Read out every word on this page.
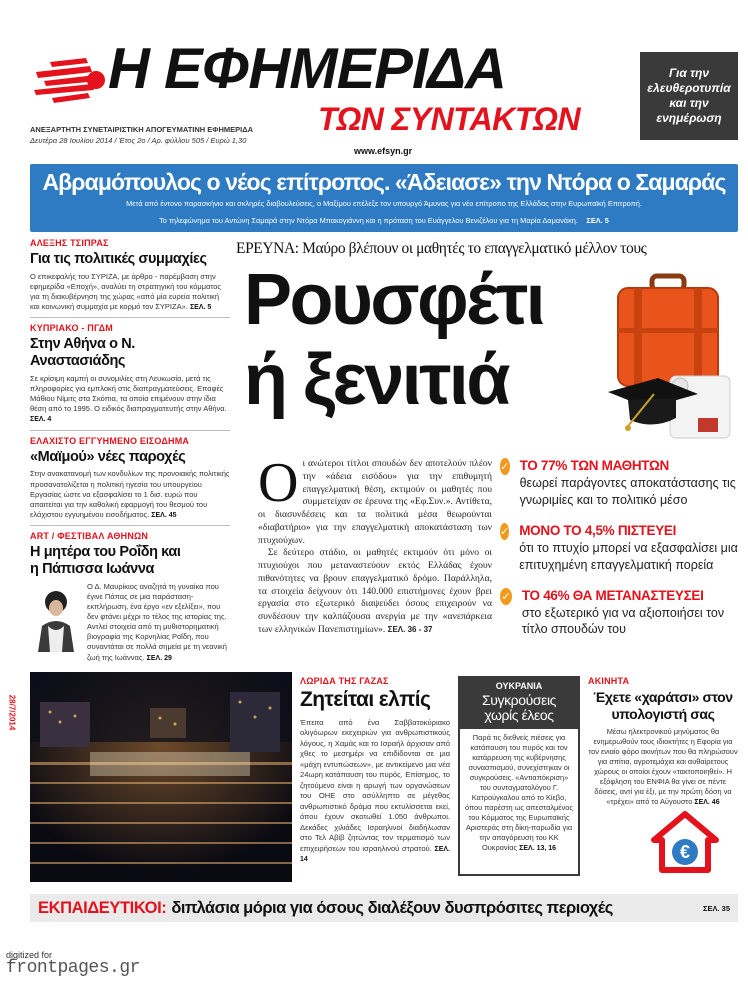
Η ΕΦΗΜΕΡΙΔΑ
ΤΩΝ ΣΥΝΤΑΚΤΩΝ
ΑΝΕΞΑΡΤΗΤΗ ΣΥΝΕΤΑΙΡΙΣΤΙΚΗ ΑΠΟΓΕΥΜΑΤΙΝΗ ΕΦΗΜΕΡΙΔΑ
Δευτέρα 28 Ιουλίου 2014 / Έτος 2ο / Αρ. φύλλου 505 / Ευρώ 1,30
www.efsyn.gr
Για την ελευθεροτυπία και την ενημέρωση
Αβραμόπουλος ο νέος επίτροπος. «Άδειασε» την Ντόρα ο Σαμαράς
Μετά από έντονο παρασκήνιο και σκληρές διαβουλεύσεις, ο Μαξίμου επέλεξε τον υπουργό Άμυνας για νέο επίτροπο της Ελλάδας στην Ευρωπαϊκή Επιτροπή.
Το τηλεφώνημα του Αντώνη Σαμαρά στην Ντόρα Μπακογιάννη και η πρόταση του Ευάγγελου Βενιζέλου για τη Μαρία Δαμανάκη. ΣΕΛ. 5
ΑΛΕΞΗΣ ΤΣΙΠΡΑΣ
Για τις πολιτικές συμμαχίες
Ο επικεφαλής του ΣΥΡΙΖΑ, με άρθρο - παρέμβαση στην εφημερίδα «Εποχή», αναλύει τη στρατηγική του κόμματος για τη διακυβέρνηση της χώρας «από μία ευρεία πολιτική και κοινωνική συμμαχία με κορμό τον ΣΥΡΙΖΑ». ΣΕΛ. 5
ΚΥΠΡΙΑΚΟ - ΠΓΔΜ
Στην Αθήνα ο Ν. Αναστασιάδης
Σε κρίσιμη καμπή οι συνομιλίες στη Λευκωσία, μετά τις πληροφορίες για εμπλοκή στις διαπραγματεύσεις. Επαφές Μάθιου Νίμιτς στα Σκόπια, τα οποία επιμένουν στην ίδια θέση από το 1995. Ο ειδικός διαπραγματευτής στην Αθήνα. ΣΕΛ. 4
ΕΛΑΧΙΣΤΟ ΕΓΓΥΗΜΕΝΟ ΕΙΣΟΔΗΜΑ
«Μαϊμού» νέες παροχές
Στην ανακατανομή των κονδυλίων της προνοιακής πολιτικής προσανατολίζεται η πολιτική ηγεσία του υπουργείου Εργασίας ώστε να εξασφαλίσει το 1 δισ. ευρώ που απαιτείται για την καθολική εφαρμογή του θεσμού του ελάχιστου εγγυημένου εισοδήματος. ΣΕΛ. 45
ART / ΦΕΣΤΙΒΑΛ ΑΘΗΝΩΝ
Η μητέρα του Ροΐδη και η Πάπισσα Ιωάννα
Ο Δ. Μαυρίκιος αναζητά τη γυναίκα που έγινε Πάπας σε μια παράσταση-εκπλήρωση, ένα έργο «εν εξελίξει», που δεν φτάνει μέχρι το τέλος της ιστορίας της. Αντλεί στοιχεία από τη μυθιστορηματική βιογραφία της Κορνηλίας Ροΐδη, που συναντάται σε πολλά σημεία με τη νεανική ζωή της Ιωάννας. ΣΕΛ. 29
ΕΡΕΥΝΑ: Μαύρο βλέπουν οι μαθητές το επαγγελματικό μέλλον τους
Ρουσφέτι
ή ξενιτιά
Ο ι ανώτεροι τίτλοι σπουδών δεν αποτελούν πλέον την «άδεια εισόδου» για την επιθυμητή επαγγελματική θέση, εκτιμούν οι μαθητές που συμμετείχαν σε έρευνα της «Εφ.Συν.». Αντίθετα, οι διασυνδέσεις και τα πολιτικά μέσα θεωρούνται «διαβατήριο» για την επαγγελματική αποκατάσταση των πτυχιούχων.
Σε δεύτερο στάδιο, οι μαθητές εκτιμούν ότι μόνο οι πτυχιούχοι που μεταναστεύουν εκτός Ελλάδας έχουν πιθανότητες να βρουν επαγγελματικό δρόμο. Παράλληλα, τα στοιχεία δείχνουν ότι 140.000 επιστήμονες έχουν βρει εργασία στο εξωτερικό διαψεύδει όσους επιχειρούν να συνδέσουν την καλπάζουσα ανεργία με την «ανεπάρκεια των ελληνικών Πανεπιστημίων». ΣΕΛ. 36 - 37
✓ ΤΟ 77% ΤΩΝ ΜΑΘΗΤΩΝ
θεωρεί παράγοντες αποκατάστασης τις γνωριμίες και το πολιτικό μέσο
✓ ΜΟΝΟ ΤΟ 4,5% ΠΙΣΤΕΥΕΙ
ότι το πτυχίο μπορεί να εξασφαλίσει μια επιτυχημένη επαγγελματική πορεία
✓ ΤΟ 46% ΘΑ ΜΕΤΑΝΑΣΤΕΥΣΕΙ
στο εξωτερικό για να αξιοποιήσει τον τίτλο σπουδών του
28/7/2014
ΛΩΡΙΔΑ ΤΗΣ ΓΑΖΑΣ
Ζητείται ελπίς
Έπειτα από ένα Σαββατοκύριακο ολιγόωρων εκεχειριών για ανθρωπιστικούς λόγους, η Χαμάς και το Ισραήλ άρχισαν από χθες το μεσημέρι να επιδίδονται σε μια «μάχη εντυπώσεων», με αντικείμενο μια νέα 24ωρη κατάπαυση του πυρός. Επίσημος, το ζητούμενο είναι η αρωγή των οργανώσεων του ΟΗΕ στο ασύλληπτο σε μέγεθος ανθρωπιστικό δράμα που εκτυλίσσεται εκεί, όπου έχουν σκοτωθεί 1.050 άνθρωποι. Δεκάδες χιλιάδες Ισραηλινοί διαδήλωσαν στο Τελ Αβίβ ζητώντας τον τερματισμό των επιχειρήσεων του ισραηλινού στρατού. ΣΕΛ. 14
ΟΥΚΡΑΝΙΑ
Συγκρούσεις χωρίς έλεος
Παρά τις διεθνείς πιέσεις για κατάπαυση του πυρός και τον κατάρρευση της κυβέρνησης συνασπισμού, συνεχίστηκαν οι συγκρούσεις. «Αντιαπόκριση» του συνταγματολόγου Γ. Κατρούγκαλου από το Κίεβο, όπου παρέστη ως απεσταλμένος του Κόμματος της Ευρωπαϊκής Αριστεράς στη δίκη-παρωδία για την απαγόρευση του ΚΚ Ουκρανίας ΣΕΛ. 13, 16
ΑΚΙΝΗΤΑ
Έχετε «χαράτσι» στον υπολογιστή σας
Μέσω ηλεκτρονικού μηνύματος θα ενημερωθούν τους ιδιοκτήτες η Εφορία για τον ενιαίο φόρο ακινήτων που θα πληρώσουν για σπίτια, αγροτεμάχια και αυθαίρετους χώρους οι οποίοι έχουν «τακτοποιηθεί». Η εξόφληση του ΕΝΦΙΑ θα γίνει σε πέντε δόσεις, αντί για έξι, με την πρώτη δόση να «τρέχει» από το Αύγουστο ΣΕΛ. 46
€
ΕΚΠΑΙΔΕΥΤΙΚΟΙ: διπλάσια μόρια για όσους διαλέξουν δυσπρόσιτες περιοχές	ΣΕΛ. 35
digitized for
frontpages.gr
